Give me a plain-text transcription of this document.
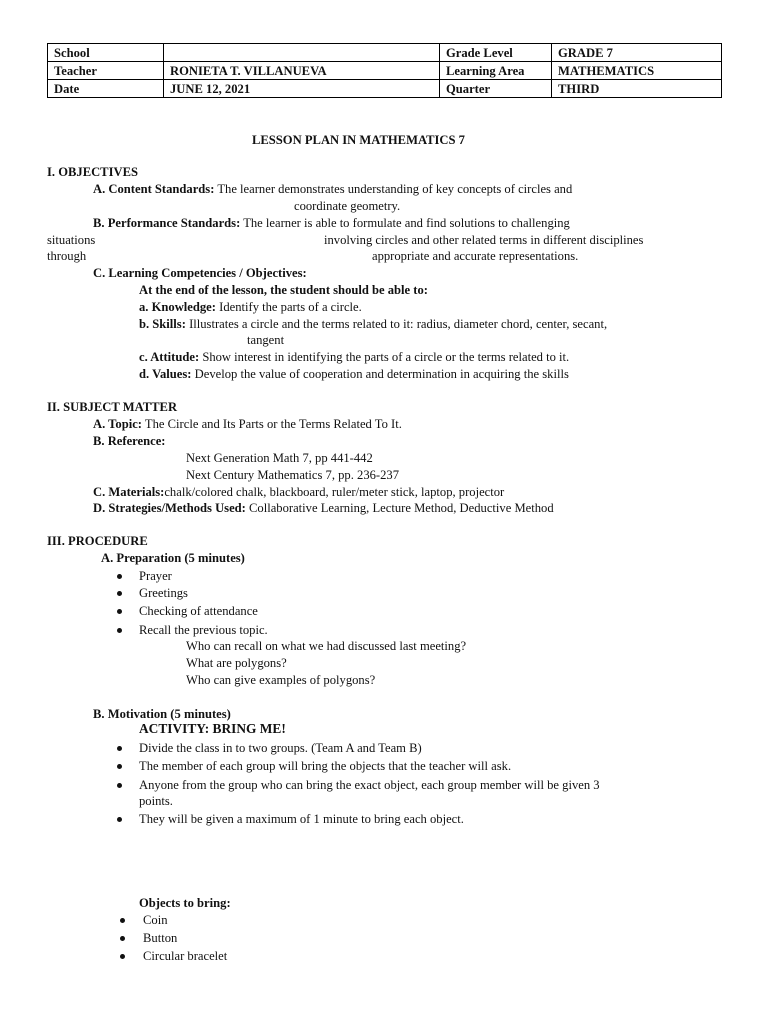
School		Grade Level	GRADE 7
Teacher	RONIETA T. VILLANUEVA	Learning Area	MATHEMATICS
Date	JUNE 12, 2021	Quarter	THIRD
LESSON PLAN IN MATHEMATICS 7
I. OBJECTIVES
A. Content Standards: The learner demonstrates understanding of key concepts of circles and
coordinate geometry.
B. Performance Standards: The learner is able to formulate and find solutions to challenging
situations	involving circles and other related terms in different disciplines
through	appropriate and accurate representations.
C. Learning Competencies / Objectives:
At the end of the lesson, the student should be able to:
a. Knowledge: Identify the parts of a circle.
b. Skills: Illustrates a circle and the terms related to it: radius, diameter chord, center, secant,
tangent
c. Attitude: Show interest in identifying the parts of a circle or the terms related to it.
d. Values: Develop the value of cooperation and determination in acquiring the skills
II. SUBJECT MATTER
A. Topic: The Circle and Its Parts or the Terms Related To It.
B. Reference:
Next Generation Math 7, pp 441-442
Next Century Mathematics 7, pp. 236-237
C. Materials:chalk/colored chalk, blackboard, ruler/meter stick, laptop, projector
D. Strategies/Methods Used: Collaborative Learning, Lecture Method, Deductive Method
III. PROCEDURE
A. Preparation (5 minutes)
Prayer
Greetings
Checking of attendance
Recall the previous topic.
Who can recall on what we had discussed last meeting?
What are polygons?
Who can give examples of polygons?
B. Motivation (5 minutes)
ACTIVITY: BRING ME!
Divide the class in to two groups. (Team A and Team B)
The member of each group will bring the objects that the teacher will ask.
Anyone from the group who can bring the exact object, each group member will be given 3
points.
They will be given a maximum of 1 minute to bring each object.
Objects to bring:
Coin
Button
Circular bracelet
